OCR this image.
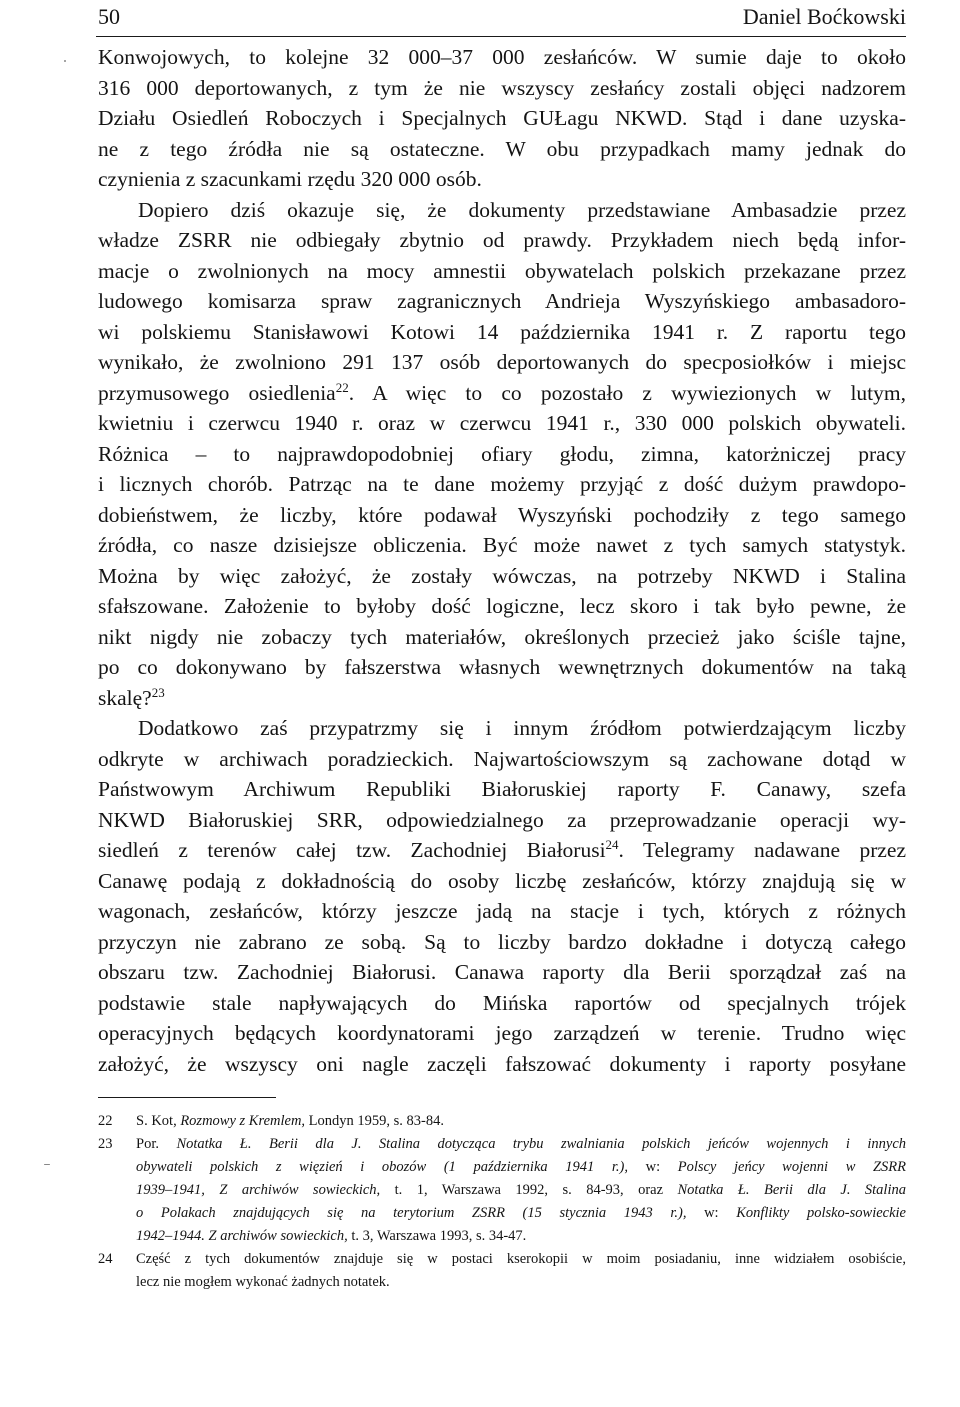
50	Daniel Boćkowski

Konwojowych, to kolejne 32 000–37 000 zesłańców. W sumie daje to około
316 000 deportowanych, z tym że nie wszyscy zesłańcy zostali objęci nadzorem
Działu Osiedleń Roboczych i Specjalnych GUŁagu NKWD. Stąd i dane uzyska-
ne z tego źródła nie są ostateczne. W obu przypadkach mamy jednak do
czynienia z szacunkami rzędu 320 000 osób.

Dopiero dziś okazuje się, że dokumenty przedstawiane Ambasadzie przez
władze ZSRR nie odbiegały zbytnio od prawdy. Przykładem niech będą infor-
macje o zwolnionych na mocy amnestii obywatelach polskich przekazane przez
ludowego komisarza spraw zagranicznych Andrieja Wyszyńskiego ambasadoro-
wi polskiemu Stanisławowi Kotowi 14 października 1941 r. Z raportu tego
wynikało, że zwolniono 291 137 osób deportowanych do specposiołków i miejsc
przymusowego osiedlenia$^{22}$. A więc to co pozostało z wywiezionych w lutym,
kwietniu i czerwcu 1940 r. oraz w czerwcu 1941 r., 330 000 polskich obywateli.
Różnica – to najprawdopodobniej ofiary głodu, zimna, katorżniczej pracy
i licznych chorób. Patrząc na te dane możemy przyjąć z dość dużym prawdopo-
dobieństwem, że liczby, które podawał Wyszyński pochodziły z tego samego
źródła, co nasze dzisiejsze obliczenia. Być może nawet z tych samych statystyk.
Można by więc założyć, że zostały wówczas, na potrzeby NKWD i Stalina
sfałszowane. Założenie to byłoby dość logiczne, lecz skoro i tak było pewne, że
nikt nigdy nie zobaczy tych materiałów, określonych przecież jako ściśle tajne,
po co dokonywano by fałszerstwa własnych wewnętrznych dokumentów na taką
skalę?$^{23}$

Dodatkowo zaś przypatrzmy się i innym źródłom potwierdzającym liczby
odkryte w archiwach poradzieckich. Najwartościowszym są zachowane dotąd w
Państwowym Archiwum Republiki Białoruskiej raporty F. Canawy, szefa
NKWD Białoruskiej SRR, odpowiedzialnego za przeprowadzanie operacji wy-
siedleń z terenów całej tzw. Zachodniej Białorusi$^{24}$. Telegramy nadawane przez
Canawę podają z dokładnością do osoby liczbę zesłańców, którzy znajdują się w
wagonach, zesłańców, którzy jeszcze jadą na stacje i tych, których z różnych
przyczyn nie zabrano ze sobą. Są to liczby bardzo dokładne i dotyczą całego
obszaru tzw. Zachodniej Białorusi. Canawa raporty dla Berii sporządzał zaś na
podstawie stale napływających do Mińska raportów od specjalnych trójek
operacyjnych będących koordynatorami jego zarządzeń w terenie. Trudno więc
założyć, że wszyscy oni nagle zaczęli fałszować dokumenty i raporty posyłane

22 S. Kot, Rozmowy z Kremlem, Londyn 1959, s. 83-84.
23 Por. Notatka Ł. Berii dla J. Stalina dotycząca trybu zwalniania polskich jeńców wojennych i innych
obywateli polskich z więzień i obozów (1 października 1941 r.), w: Polscy jeńcy wojenni w ZSRR
1939–1941, Z archiwów sowieckich, t. 1, Warszawa 1992, s. 84-93, oraz Notatka Ł. Berii dla J. Stalina
o Polakach znajdujących się na terytorium ZSRR (15 stycznia 1943 r.), w: Konflikty polsko-sowieckie
1942–1944. Z archiwów sowieckich, t. 3, Warszawa 1993, s. 34-47.
24 Część z tych dokumentów znajduje się w postaci kserokopii w moim posiadaniu, inne widziałem osobiście,
lecz nie mogłem wykonać żadnych notatek.
